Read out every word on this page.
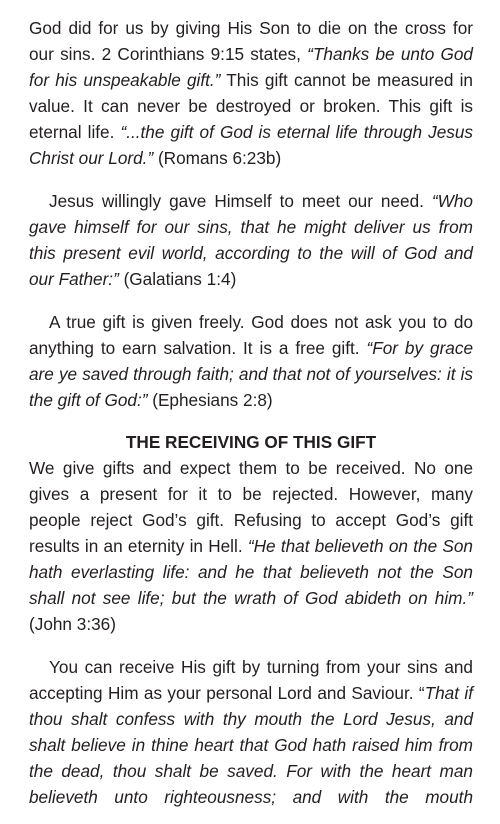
God did for us by giving His Son to die on the cross for our sins. 2 Corinthians 9:15 states, “Thanks be unto God for his unspeakable gift.” This gift cannot be measured in value. It can never be destroyed or broken. This gift is eternal life. “...the gift of God is eternal life through Jesus Christ our Lord.” (Romans 6:23b)

Jesus willingly gave Himself to meet our need. “Who gave himself for our sins, that he might deliver us from this present evil world, according to the will of God and our Father:” (Galatians 1:4)

A true gift is given freely. God does not ask you to do anything to earn salvation. It is a free gift. “For by grace are ye saved through faith; and that not of yourselves: it is the gift of God:” (Ephesians 2:8)

THE RECEIVING OF THIS GIFT

We give gifts and expect them to be received. No one gives a present for it to be rejected. However, many people reject God’s gift. Refusing to accept God’s gift results in an eternity in Hell. “He that believeth on the Son hath everlasting life: and he that believeth not the Son shall not see life; but the wrath of God abideth on him.” (John 3:36)

You can receive His gift by turning from your sins and accepting Him as your personal Lord and Saviour. “That if thou shalt confess with thy mouth the Lord Jesus, and shalt believe in thine heart that God hath raised him from the dead, thou shalt be saved. For with the heart man believeth unto righteousness; and with the mouth
